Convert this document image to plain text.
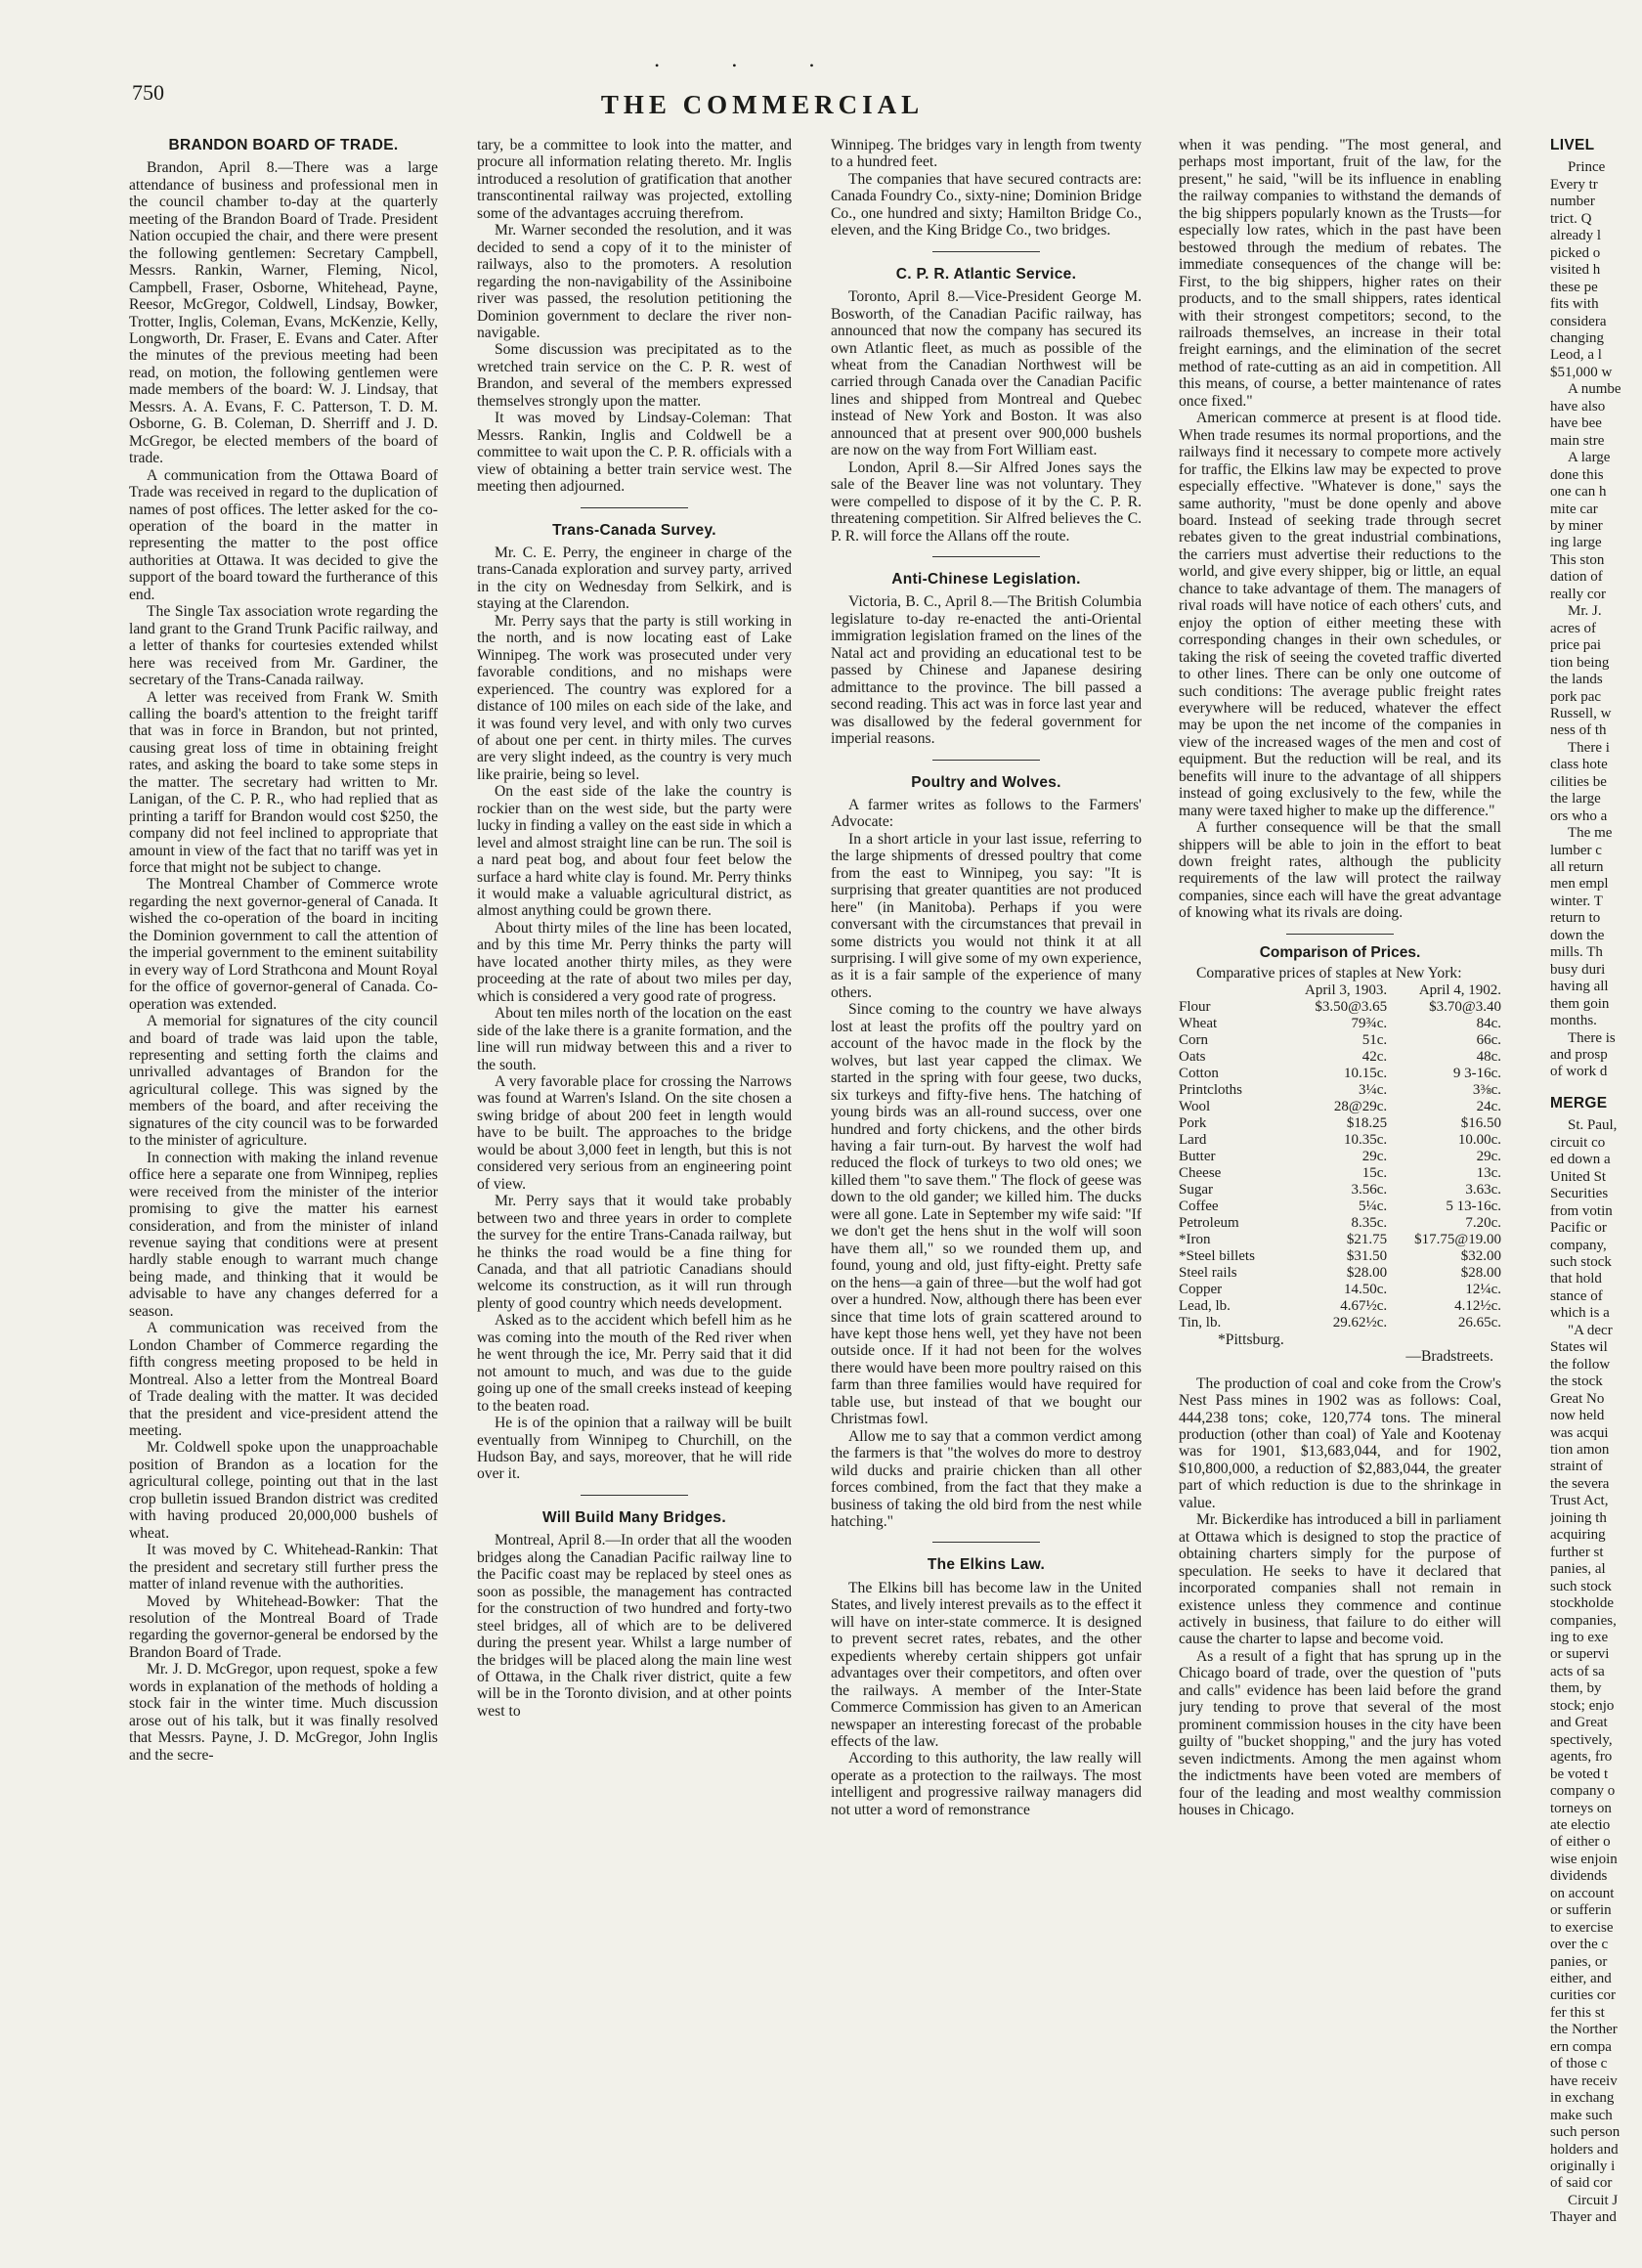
750
• • •
THE COMMERCIAL
BRANDON BOARD OF TRADE.

Brandon, April 8.—There was a large attendance of business and professional men in the council chamber to-day at the quarterly meeting of the Brandon Board of Trade. President Nation occupied the chair, and there were present the following gentlemen: Secretary Campbell, Messrs. Rankin, Warner, Fleming, Nicol, Campbell, Fraser, Osborne, Whitehead, Payne, Reesor, McGregor, Coldwell, Lindsay, Bowker, Trotter, Inglis, Coleman, Evans, McKenzie, Kelly, Longworth, Dr. Fraser, E. Evans and Cater. After the minutes of the previous meeting had been read, on motion, the following gentlemen were made members of the board: W. J. Lindsay, that Messrs. A. A. Evans, F. C. Patterson, T. D. M. Osborne, G. B. Coleman, D. Sherriff and J. D. McGregor, be elected members of the board of trade.

A communication from the Ottawa Board of Trade was received in regard to the duplication of names of post offices. The letter asked for the co-operation of the board in the matter in representing the matter to the post office authorities at Ottawa. It was decided to give the support of the board toward the furtherance of this end.

The Single Tax association wrote regarding the land grant to the Grand Trunk Pacific railway, and a letter of thanks for courtesies extended whilst here was received from Mr. Gardiner, the secretary of the Trans-Canada railway.

A letter was received from Frank W. Smith calling the board's attention to the freight tariff that was in force in Brandon, but not printed, causing great loss of time in obtaining freight rates, and asking the board to take some steps in the matter. The secretary had written to Mr. Lanigan, of the C. P. R., who had replied that as printing a tariff for Brandon would cost $250, the company did not feel inclined to appropriate that amount in view of the fact that no tariff was yet in force that might not be subject to change.

The Montreal Chamber of Commerce wrote regarding the next governor-general of Canada. It wished the co-operation of the board in inciting the Dominion government to call the attention of the imperial government to the eminent suitability in every way of Lord Strathcona and Mount Royal for the office of governor-general of Canada. Co-operation was extended.

A memorial for signatures of the city council and board of trade was laid upon the table, representing and setting forth the claims and unrivalled advantages of Brandon for the agricultural college. This was signed by the members of the board, and after receiving the signatures of the city council was to be forwarded to the minister of agriculture.

In connection with making the inland revenue office here a separate one from Winnipeg, replies were received from the minister of the interior promising to give the matter his earnest consideration, and from the minister of inland revenue saying that conditions were at present hardly stable enough to warrant much change being made, and thinking that it would be advisable to have any changes deferred for a season.

A communication was received from the London Chamber of Commerce regarding the fifth congress meeting proposed to be held in Montreal. Also a letter from the Montreal Board of Trade dealing with the matter. It was decided that the president and vice-president attend the meeting.

Mr. Coldwell spoke upon the unapproachable position of Brandon as a location for the agricultural college, pointing out that in the last crop bulletin issued Brandon district was credited with having produced 20,000,000 bushels of wheat.

It was moved by C. Whitehead-Rankin: That the president and secretary still further press the matter of inland revenue with the authorities.

Moved by Whitehead-Bowker: That the resolution of the Montreal Board of Trade regarding the governor-general be endorsed by the Brandon Board of Trade.

Mr. J. D. McGregor, upon request, spoke a few words in explanation of the methods of holding a stock fair in the winter time. Much discussion arose out of his talk, but it was finally resolved that Messrs. Payne, J. D. McGregor, John Inglis and the secre-

tary, be a committee to look into the matter, and procure all information relating thereto. Mr. Inglis introduced a resolution of gratification that another transcontinental railway was projected, extolling some of the advantages accruing therefrom.

Mr. Warner seconded the resolution, and it was decided to send a copy of it to the minister of railways, also to the promoters. A resolution regarding the non-navigability of the Assiniboine river was passed, the resolution petitioning the Dominion government to declare the river non-navigable.

Some discussion was precipitated as to the wretched train service on the C. P. R. west of Brandon, and several of the members expressed themselves strongly upon the matter.

It was moved by Lindsay-Coleman: That Messrs. Rankin, Inglis and Coldwell be a committee to wait upon the C. P. R. officials with a view of obtaining a better train service west. The meeting then adjourned.

Trans-Canada Survey.

Mr. C. E. Perry, the engineer in charge of the trans-Canada exploration and survey party, arrived in the city on Wednesday from Selkirk, and is staying at the Clarendon.

Mr. Perry says that the party is still working in the north, and is now locating east of Lake Winnipeg. The work was prosecuted under very favorable conditions, and no mishaps were experienced. The country was explored for a distance of 100 miles on each side of the lake, and it was found very level, and with only two curves of about one per cent. in thirty miles. The curves are very slight indeed, as the country is very much like prairie, being so level.

On the east side of the lake the country is rockier than on the west side, but the party were lucky in finding a valley on the east side in which a level and almost straight line can be run. The soil is a nard peat bog, and about four feet below the surface a hard white clay is found. Mr. Perry thinks it would make a valuable agricultural district, as almost anything could be grown there.

About thirty miles of the line has been located, and by this time Mr. Perry thinks the party will have located another thirty miles, as they were proceeding at the rate of about two miles per day, which is considered a very good rate of progress.

About ten miles north of the location on the east side of the lake there is a granite formation, and the line will run midway between this and a river to the south.

A very favorable place for crossing the Narrows was found at Warren's Island. On the site chosen a swing bridge of about 200 feet in length would have to be built. The approaches to the bridge would be about 3,000 feet in length, but this is not considered very serious from an engineering point of view.

Mr. Perry says that it would take probably between two and three years in order to complete the survey for the entire Trans-Canada railway, but he thinks the road would be a fine thing for Canada, and that all patriotic Canadians should welcome its construction, as it will run through plenty of good country which needs development.

Asked as to the accident which befell him as he was coming into the mouth of the Red river when he went through the ice, Mr. Perry said that it did not amount to much, and was due to the guide going up one of the small creeks instead of keeping to the beaten road.

He is of the opinion that a railway will be built eventually from Winnipeg to Churchill, on the Hudson Bay, and says, moreover, that he will ride over it.

Will Build Many Bridges.

Montreal, April 8.—In order that all the wooden bridges along the Canadian Pacific railway line to the Pacific coast may be replaced by steel ones as soon as possible, the management has contracted for the construction of two hundred and forty-two steel bridges, all of which are to be delivered during the present year. Whilst a large number of the bridges will be placed along the main line west of Ottawa, in the Chalk river district, quite a few will be in the Toronto division, and at other points west to

Winnipeg. The bridges vary in length from twenty to a hundred feet.

The companies that have secured contracts are: Canada Foundry Co., sixty-nine; Dominion Bridge Co., one hundred and sixty; Hamilton Bridge Co., eleven, and the King Bridge Co., two bridges.

C. P. R. Atlantic Service.

Toronto, April 8.—Vice-President George M. Bosworth, of the Canadian Pacific railway, has announced that now the company has secured its own Atlantic fleet, as much as possible of the wheat from the Canadian Northwest will be carried through Canada over the Canadian Pacific lines and shipped from Montreal and Quebec instead of New York and Boston. It was also announced that at present over 900,000 bushels are now on the way from Fort William east.

London, April 8.—Sir Alfred Jones says the sale of the Beaver line was not voluntary. They were compelled to dispose of it by the C. P. R. threatening competition. Sir Alfred believes the C. P. R. will force the Allans off the route.

Anti-Chinese Legislation.

Victoria, B. C., April 8.—The British Columbia legislature to-day re-enacted the anti-Oriental immigration legislation framed on the lines of the Natal act and providing an educational test to be passed by Chinese and Japanese desiring admittance to the province. The bill passed a second reading. This act was in force last year and was disallowed by the federal government for imperial reasons.

Poultry and Wolves.

A farmer writes as follows to the Farmers' Advocate:

In a short article in your last issue, referring to the large shipments of dressed poultry that come from the east to Winnipeg, you say: "It is surprising that greater quantities are not produced here" (in Manitoba). Perhaps if you were conversant with the circumstances that prevail in some districts you would not think it at all surprising. I will give some of my own experience, as it is a fair sample of the experience of many others.

Since coming to the country we have always lost at least the profits off the poultry yard on account of the havoc made in the flock by the wolves, but last year capped the climax. We started in the spring with four geese, two ducks, six turkeys and fifty-five hens. The hatching of young birds was an all-round success, over one hundred and forty chickens, and the other birds having a fair turn-out. By harvest the wolf had reduced the flock of turkeys to two old ones; we killed them "to save them." The flock of geese was down to the old gander; we killed him. The ducks were all gone. Late in September my wife said: "If we don't get the hens shut in the wolf will soon have them all," so we rounded them up, and found, young and old, just fifty-eight. Pretty safe on the hens—a gain of three—but the wolf had got over a hundred. Now, although there has been ever since that time lots of grain scattered around to have kept those hens well, yet they have not been outside once. If it had not been for the wolves there would have been more poultry raised on this farm than three families would have required for table use, but instead of that we bought our Christmas fowl.

Allow me to say that a common verdict among the farmers is that "the wolves do more to destroy wild ducks and prairie chicken than all other forces combined, from the fact that they make a business of taking the old bird from the nest while hatching."

The Elkins Law.

The Elkins bill has become law in the United States, and lively interest prevails as to the effect it will have on inter-state commerce. It is designed to prevent secret rates, rebates, and the other expedients whereby certain shippers got unfair advantages over their competitors, and often over the railways. A member of the Inter-State Commerce Commission has given to an American newspaper an interesting forecast of the probable effects of the law.

According to this authority, the law really will operate as a protection to the railways. The most intelligent and progressive railway managers did not utter a word of remonstrance

when it was pending. "The most general, and perhaps most important, fruit of the law, for the present," he said, "will be its influence in enabling the railway companies to withstand the demands of the big shippers popularly known as the Trusts—for especially low rates, which in the past have been bestowed through the medium of rebates. The immediate consequences of the change will be: First, to the big shippers, higher rates on their products, and to the small shippers, rates identical with their strongest competitors; second, to the railroads themselves, an increase in their total freight earnings, and the elimination of the secret method of rate-cutting as an aid in competition. All this means, of course, a better maintenance of rates once fixed."

American commerce at present is at flood tide. When trade resumes its normal proportions, and the railways find it necessary to compete more actively for traffic, the Elkins law may be expected to prove especially effective. "Whatever is done," says the same authority, "must be done openly and above board. Instead of seeking trade through secret rebates given to the great industrial combinations, the carriers must advertise their reductions to the world, and give every shipper, big or little, an equal chance to take advantage of them. The managers of rival roads will have notice of each others' cuts, and enjoy the option of either meeting these with corresponding changes in their own schedules, or taking the risk of seeing the coveted traffic diverted to other lines. There can be only one outcome of such conditions: The average public freight rates everywhere will be reduced, whatever the effect may be upon the net income of the companies in view of the increased wages of the men and cost of equipment. But the reduction will be real, and its benefits will inure to the advantage of all shippers instead of going exclusively to the few, while the many were taxed higher to make up the difference."

A further consequence will be that the small shippers will be able to join in the effort to beat down freight rates, although the publicity requirements of the law will protect the railway companies, since each will have the great advantage of knowing what its rivals are doing.

Comparison of Prices.

Comparative prices of staples at New York:

	April 3, 1903.	April 4, 1902.
Flour	$3.50@3.65	$3.70@3.40
Wheat	79¾c.	84c.
Corn	51c.	66c.
Oats	42c.	48c.
Cotton	10.15c.	9 3-16c.
Printcloths	3¼c.	3⅜c.
Wool	28@29c.	24c.
Pork	$18.25	$16.50
Lard	10.35c.	10.00c.
Butter	29c.	29c.
Cheese	15c.	13c.
Sugar	3.56c.	3.63c.
Coffee	5¼c.	5 13-16c.
Petroleum	8.35c.	7.20c.
*Iron	$21.75	$17.75@19.00
*Steel billets	$31.50	$32.00
Steel rails	$28.00	$28.00
Copper	14.50c.	12¼c.
Lead, lb.	4.67½c.	4.12½c.
Tin, lb.	29.62½c.	26.65c.
*Pittsburg.
—Bradstreets.

The production of coal and coke from the Crow's Nest Pass mines in 1902 was as follows: Coal, 444,238 tons; coke, 120,774 tons. The mineral production (other than coal) of Yale and Kootenay was for 1901, $13,683,044, and for 1902, $10,800,000, a reduction of $2,883,044, the greater part of which reduction is due to the shrinkage in value.

Mr. Bickerdike has introduced a bill in parliament at Ottawa which is designed to stop the practice of obtaining charters simply for the purpose of speculation. He seeks to have it declared that incorporated companies shall not remain in existence unless they commence and continue actively in business, that failure to do either will cause the charter to lapse and become void.

As a result of a fight that has sprung up in the Chicago board of trade, over the question of "puts and calls" evidence has been laid before the grand jury tending to prove that several of the most prominent commission houses in the city have been guilty of "bucket shopping," and the jury has voted seven indictments. Among the men against whom the indictments have been voted are members of four of the leading and most wealthy commission houses in Chicago.

LIVEL

Prince

Every tr

number

trict. Q

already l

picked o

visited h

these pe

fits with

considera

changing

Leod, a l

$51,000 w

A numbe

have also

have bee

main stre

A large

done this

one can h

mite car

by miner

ing large

This ston

dation of

really cor

Mr. J.

acres of

price pai

tion being

the lands

pork pac

Russell, w

ness of th

There i

class hote

cilities be

the large

ors who a

The me

lumber c

all return

men empl

winter. T

return to

down the

mills. Th

busy duri

having all

them goin

months.

There is

and prosp

of work d

MERGE

St. Paul,

circuit co

ed down a

United St

Securities

from votin

Pacific or

company,

such stock

that hold

stance of

which is a

"A decr

States wil

the follow

the stock

Great No

now held

was acqui

tion amon

straint of

the severa

Trust Act,

joining th

acquiring

further st

panies, al

such stock

stockholde

companies,

ing to exe

or supervi

acts of sa

them, by

stock; enjo

and Great

spectively,

agents, fro

be voted t

company o

torneys on

ate electio

of either o

wise enjoin

dividends

on account

or sufferin

to exercise

over the c

panies, or

either, and

curities cor

fer this st

the Norther

ern compa

of those c

have receiv

in exchang

make such

such person

holders and

originally i

of said cor

Circuit J

Thayer and
